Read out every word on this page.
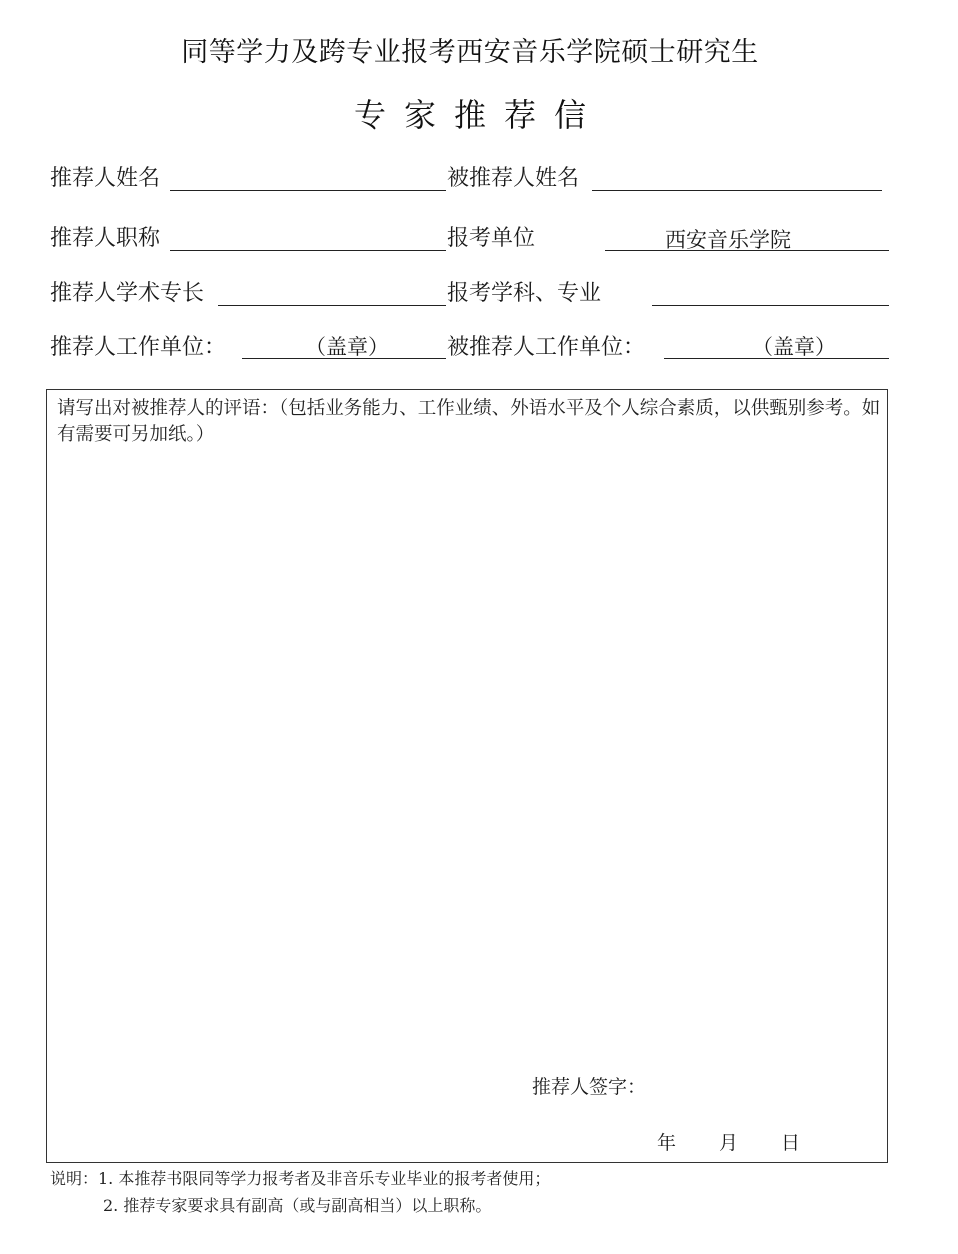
同等学力及跨专业报考西安音乐学院硕士研究生
专家推荐信
推荐人姓名	被推荐人姓名
推荐人职称	报考单位	西安音乐学院
推荐人学术专长	报考学科、专业
推荐人工作单位：	（盖章）	被推荐人工作单位：	（盖章）
请写出对被推荐人的评语：（包括业务能力、工作业绩、外语水平及个人综合素质，以供甄别参考。如有需要可另加纸。）
推荐人签字：
年 月 日
说明：1. 本推荐书限同等学力报考者及非音乐专业毕业的报考者使用；
2. 推荐专家要求具有副高（或与副高相当）以上职称。
